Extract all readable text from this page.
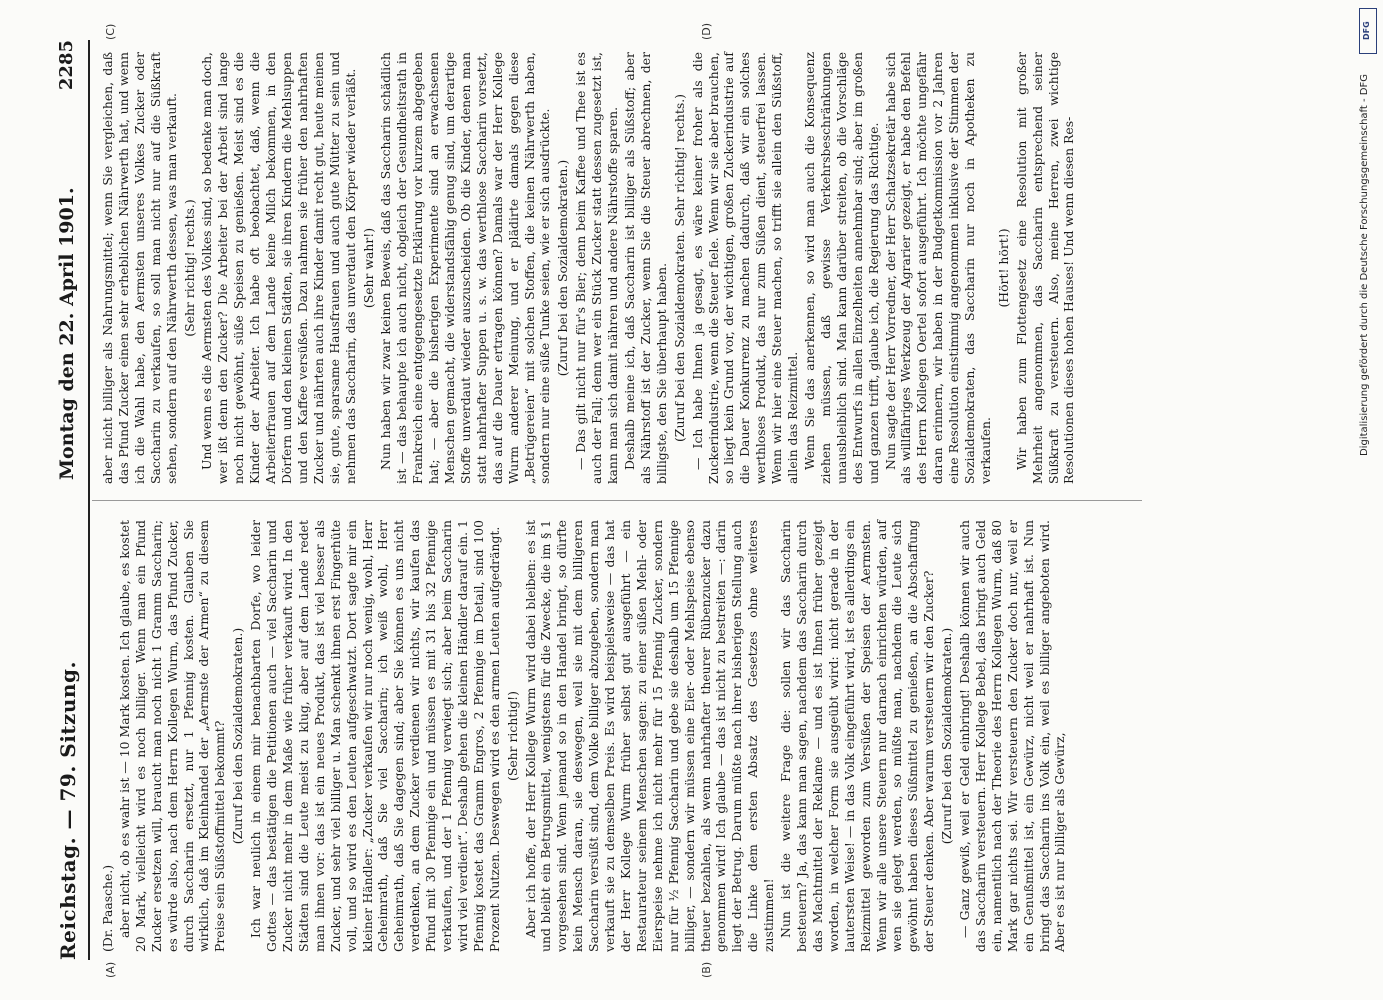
Reichstag. — 79. Sitzung.
2285
Montag den 22. April 1901.
(A)	(B)
(C)	(D)

(Dr. Paasche.) aber nicht, ob es wahr ist — 10 Mark kosten. Ich glaube, es kostet 20 Mark, vielleicht wird es noch billiger. Wenn man ein Pfund Zucker ersetzen will, braucht man noch nicht 1 Gramm Saccharin; es würde also, nach dem Herrn Kollegen Wurm, das Pfund Zucker, durch Saccharin ersetzt, nur 1 Pfennig kosten. Glauben Sie wirklich, daß im Kleinhandel der „Aermste der Armen“ zu diesem Preise sein Süßstoffmittel bekommt? (Zuruf bei den Sozialdemokraten.) Ich war neulich in einem mir benachbarten Dorfe, wo leider Gottes — das bestätigen die Petitionen auch — viel Saccharin und Zucker nicht mehr in dem Maße wie früher verkauft wird. In den Städten sind die Leute meist zu klug, aber auf dem Lande redet man ihnen vor: das ist ein neues Produkt, das ist viel besser als Zucker, und sehr viel billiger u. Man schenkt ihnen erst Fingerhüte voll, und so wird es den Leuten aufgeschwatzt. Dort sagte mir ein kleiner Händler: „Zucker verkaufen wir nur noch wenig, wohl, Herr Geheimrath, daß Sie viel Saccharin; ich weiß wohl, Herr Geheimrath, daß Sie dagegen sind; aber Sie können es uns nicht verdenken, an dem Zucker verdienen wir nichts, wir kaufen das Pfund mit 30 Pfennige ein und müssen es mit 31 bis 32 Pfennige verkaufen, und der 1 Pfennig verwiegt sich; aber beim Saccharin wird viel verdient“. Deshalb gehen die kleinen Händler darauf ein. 1 Pfennig kostet das Gramm Engros, 2 Pfennige im Detail, sind 100 Prozent Nutzen. Deswegen wird es den armen Leuten aufgedrängt. (Sehr richtig!) Aber ich hoffe, der Herr Kollege Wurm wird dabei bleiben: es ist und bleibt ein Betrugsmittel, wenigstens für die Zwecke, die im § 1 vorgesehen sind. Wenn jemand so in den Handel bringt, so dürfte kein Mensch daran, sie deswegen, weil sie mit dem billigeren Saccharin versüßt sind, dem Volke billiger abzugeben, sondern man verkauft sie zu demselben Preis. Es wird beispielsweise — das hat der Herr Kollege Wurm früher selbst gut ausgeführt — ein Restaurateur seinem Menschen sagen: zu einer süßen Mehl- oder Eierspeise nehme ich nicht mehr für 15 Pfennig Zucker, sondern nur für ½ Pfennig Saccharin und gebe sie deshalb um 15 Pfennige billiger, — sondern wir müssen eine Eier- oder Mehlspeise ebenso theuer bezahlen, als wenn nahrhafter theurer Rübenzucker dazu genommen wird! Ich glaube — das ist nicht zu bestreiten —: darin liegt der Betrug. Darum müßte nach ihrer bisherigen Stellung auch die Linke dem ersten Absatz des Gesetzes ohne weiteres zustimmen! Nun ist die weitere Frage die: sollen wir das Saccharin besteuern? Ja, das kann man sagen, nachdem das Saccharin durch das Machtmittel der Reklame — und es ist Ihnen früher gezeigt worden, in welcher Form sie ausgeübt wird: nicht gerade in der lautersten Weise! — in das Volk eingeführt wird, ist es allerdings ein Reizmittel geworden zum Versüßen der Speisen der Aermsten. Wenn wir alle unsere Steuern nur darnach einrichten würden, auf wen sie gelegt werden, so müßte man, nachdem die Leute sich gewöhnt haben dieses Süßmittel zu genießen, an die Abschaffung der Steuer denken. Aber warum versteuern wir den Zucker? (Zuruf bei den Sozialdemokraten.) — Ganz gewiß, weil er Geld einbringt! Deshalb können wir auch das Saccharin versteuern. Herr Kollege Bebel, das bringt auch Geld ein, namentlich nach der Theorie des Herrn Kollegen Wurm, daß 80 Mark gar nichts sei. Wir versteuern den Zucker doch nur, weil er ein Genußmittel ist, ein Gewürz, nicht weil er nahrhaft ist. Nun bringt das Saccharin ins Volk ein, weil es billiger angeboten wird. Aber es ist nur billiger als Gewürz,

aber nicht billiger als Nahrungsmittel; wenn Sie vergleichen, daß das Pfund Zucker einen sehr erheblichen Nährwerth hat, und wenn ich die Wahl habe, den Aermsten unseres Volkes Zucker oder Saccharin zu verkaufen, so soll man nicht nur auf die Süßkraft sehen, sondern auf den Nährwerth dessen, was man verkauft. (Sehr richtig! rechts.) Und wenn es die Aermsten des Volkes sind, so bedenke man doch, wer ißt denn den Zucker? Die Arbeiter bei der Arbeit sind lange noch nicht gewöhnt, süße Speisen zu genießen. Meist sind es die Kinder der Arbeiter. Ich habe oft beobachtet, daß, wenn die Arbeiterfrauen auf dem Lande keine Milch bekommen, in den Dörfern und den kleinen Städten, sie ihren Kindern die Mehlsuppen und den Kaffee versüßen. Dazu nahmen sie früher den nahrhaften Zucker und nährten auch ihre Kinder damit recht gut, heute meinen sie, gute, sparsame Hausfrauen und auch gute Mütter zu sein und nehmen das Saccharin, das unverdaut den Körper wieder verläßt. (Sehr wahr!) Nun haben wir zwar keinen Beweis, daß das Saccharin schädlich ist — das behaupte ich auch nicht, obgleich der Gesundheitsrath in Frankreich eine entgegengesetzte Erklärung vor kurzem abgegeben hat; — aber die bisherigen Experimente sind an erwachsenen Menschen gemacht, die widerstandsfähig genug sind, um derartige Stoffe unverdaut wieder auszuscheiden. Ob die Kinder, denen man statt nahrhafter Suppen u. s. w. das werthlose Saccharin vorsetzt, das auf die Dauer ertragen können? Damals war der Herr Kollege Wurm anderer Meinung, und er plädirte damals gegen diese „Betrügereien“ mit solchen Stoffen, die keinen Nährwerth haben, sondern nur eine süße Tunke seien, wie er sich ausdrückte. (Zuruf bei den Sozialdemokraten.) — Das gilt nicht nur für's Bier; denn beim Kaffee und Thee ist es auch der Fall; denn wer ein Stück Zucker statt dessen zugesetzt ist, kann man sich damit nähren und andere Nährstoffe sparen. Deshalb meine ich, daß Saccharin ist billiger als Süßstoff; aber als Nährstoff ist der Zucker, wenn Sie die Steuer abrechnen, der billigste, den Sie überhaupt haben. (Zuruf bei den Sozialdemokraten. Sehr richtig! rechts.) — Ich habe Ihnen ja gesagt, es wäre keiner froher als die Zuckerindustrie, wenn die Steuer fiele. Wenn wir sie aber brauchen, so liegt kein Grund vor, der wichtigen, großen Zuckerindustrie auf die Dauer Konkurrenz zu machen dadurch, daß wir ein solches werthloses Produkt, das nur zum Süßen dient, steuerfrei lassen. Wenn wir hier eine Steuer machen, so trifft sie allein den Süßstoff, allein das Reizmittel. Wenn Sie das anerkennen, so wird man auch die Konsequenz ziehen müssen, daß gewisse Verkehrsbeschränkungen unausbleiblich sind. Man kann darüber streiten, ob die Vorschläge des Entwurfs in allen Einzelheiten annehmbar sind; aber im großen und ganzen trifft, glaube ich, die Regierung das Richtige. Nun sagte der Herr Vorredner, der Herr Schatzsekretär habe sich als willfähriges Werkzeug der Agrarier gezeigt, er habe den Befehl des Herrn Kollegen Oertel sofort ausgeführt. Ich möchte ungefähr daran erinnern, wir haben in der Budgetkommission vor 2 Jahren eine Resolution einstimmig angenommen inklusive der Stimmen der Sozialdemokraten, das Saccharin nur noch in Apotheken zu verkaufen.

(Hört! hört!) Wir haben zum Flottengesetz eine Resolution mit großer Mehrheit angenommen, das Saccharin entsprechend seiner Süßkraft zu versteuern. Also, meine Herren, zwei wichtige Resolutionen dieses hohen Hauses! Und wenn diesen Res-	Digitalisierung gefördert durch die Deutsche Forschungsgemeinschaft - DFG
DFG
